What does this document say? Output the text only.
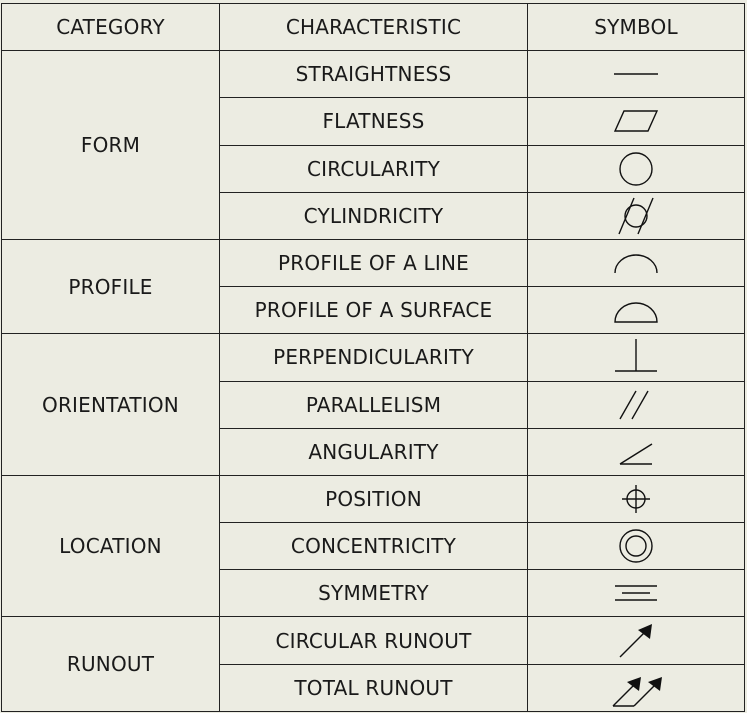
CATEGORY	CHARACTERISTIC	SYMBOL
FORM	STRAIGHTNESS	

	FLATNESS	

	CIRCULARITY	

	CYLINDRICITY	

PROFILE	PROFILE OF A LINE	

	PROFILE OF A SURFACE	

ORIENTATION	PERPENDICULARITY	

	PARALLELISM	

	ANGULARITY	

LOCATION	POSITION	

	CONCENTRICITY	

	SYMMETRY	

RUNOUT	CIRCULAR RUNOUT	

	TOTAL RUNOUT	
